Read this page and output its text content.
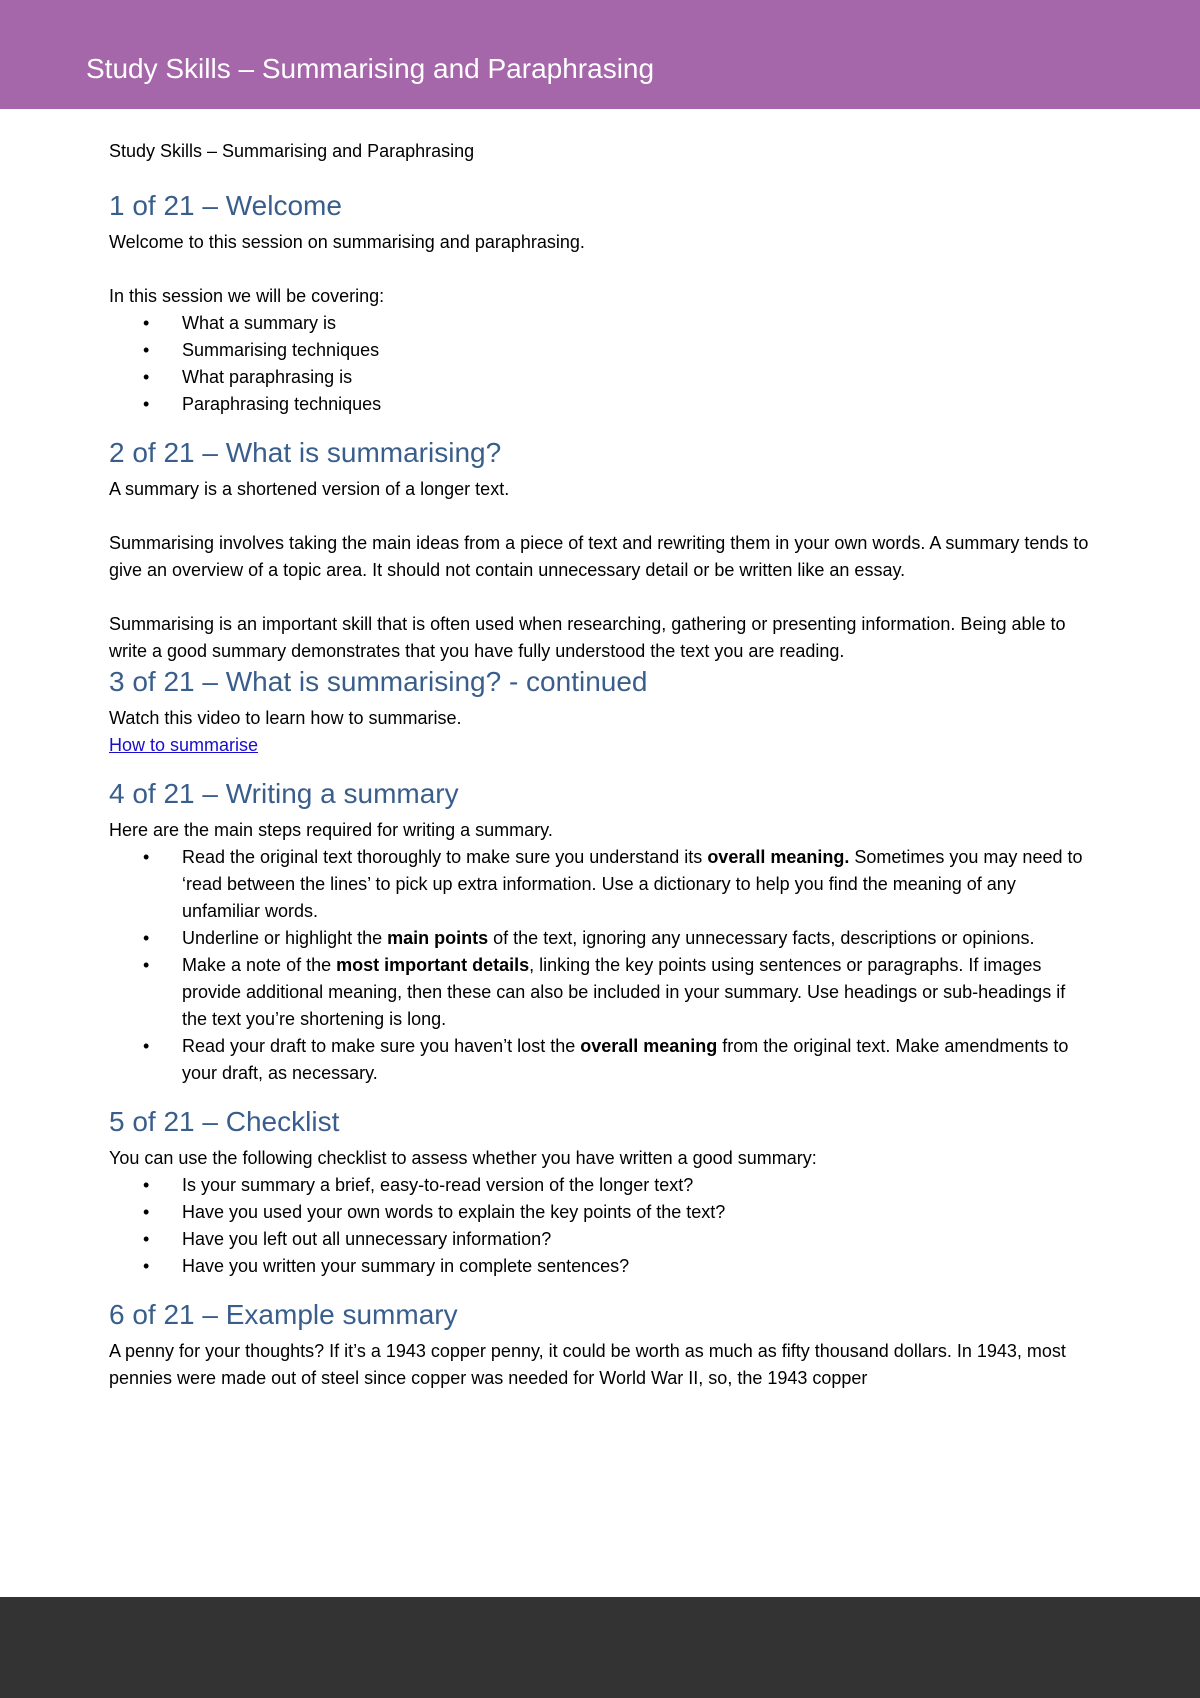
Study Skills – Summarising and Paraphrasing

Study Skills – Summarising and Paraphrasing

1 of 21 – Welcome

Welcome to this session on summarising and paraphrasing.

In this session we will be covering:

• What a summary is
• Summarising techniques
• What paraphrasing is
• Paraphrasing techniques
2 of 21 – What is summarising?

A summary is a shortened version of a longer text.

Summarising involves taking the main ideas from a piece of text and rewriting them in your own words. A summary tends to give an overview of a topic area. It should not contain unnecessary detail or be written like an essay.

Summarising is an important skill that is often used when researching, gathering or presenting information. Being able to write a good summary demonstrates that you have fully understood the text you are reading.

3 of 21 – What is summarising? - continued

Watch this video to learn how to summarise.

How to summarise
4 of 21 – Writing a summary

Here are the main steps required for writing a summary.

• Read the original text thoroughly to make sure you understand its overall meaning. Sometimes you may need to ‘read between the lines’ to pick up extra information. Use a dictionary to help you find the meaning of any unfamiliar words.
• Underline or highlight the main points of the text, ignoring any unnecessary facts, descriptions or opinions.
• Make a note of the most important details, linking the key points using sentences or paragraphs. If images provide additional meaning, then these can also be included in your summary. Use headings or sub-headings if the text you’re shortening is long.
• Read your draft to make sure you haven’t lost the overall meaning from the original text. Make amendments to your draft, as necessary.
5 of 21 – Checklist

You can use the following checklist to assess whether you have written a good summary:

• Is your summary a brief, easy-to-read version of the longer text?
• Have you used your own words to explain the key points of the text?
• Have you left out all unnecessary information?
• Have you written your summary in complete sentences?
6 of 21 – Example summary

A penny for your thoughts? If it’s a 1943 copper penny, it could be worth as much as fifty thousand dollars. In 1943, most pennies were made out of steel since copper was needed for World War II, so, the 1943 copper
